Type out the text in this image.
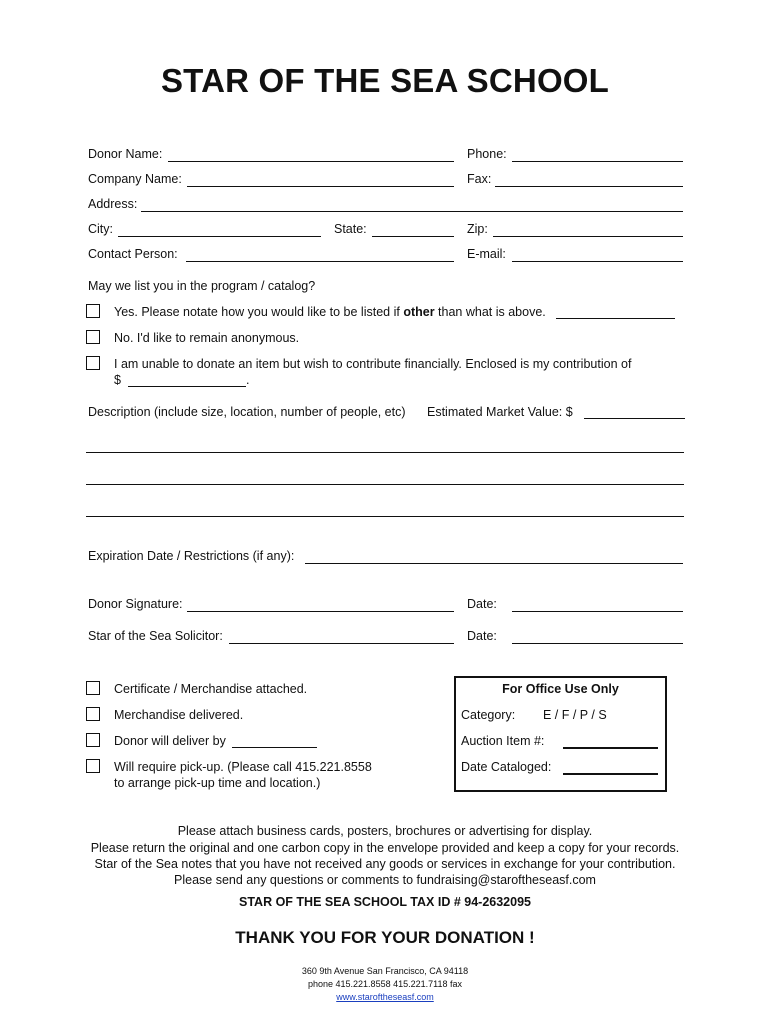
STAR OF THE SEA SCHOOL
Donor Name:	Phone:
Company Name:	Fax:
Address:
City:	State:	Zip:
Contact Person:	E-mail:
May we list you in the program / catalog?
Yes. Please notate how you would like to be listed if other than what is above.
No. I'd like to remain anonymous.
I am unable to donate an item but wish to contribute financially. Enclosed is my contribution of
$	.
Description (include size, location, number of people, etc) Estimated Market Value: $
Expiration Date / Restrictions (if any):
Donor Signature:	Date:
Star of the Sea Solicitor:	Date:
Certificate / Merchandise attached.
Merchandise delivered.
Donor will deliver by
Will require pick-up. (Please call 415.221.8558
to arrange pick-up time and location.)
For Office Use Only
Category: E / F / P / S
Auction Item #:
Date Cataloged:
Please attach business cards, posters, brochures or advertising for display.
Please return the original and one carbon copy in the envelope provided and keep a copy for your records.
Star of the Sea notes that you have not received any goods or services in exchange for your contribution.
Please send any questions or comments to fundraising@staroftheseasf.com
STAR OF THE SEA SCHOOL TAX ID # 94-2632095
THANK YOU FOR YOUR DONATION !
360 9th Avenue San Francisco, CA 94118
phone 415.221.8558 415.221.7118 fax
www.staroftheseasf.com
